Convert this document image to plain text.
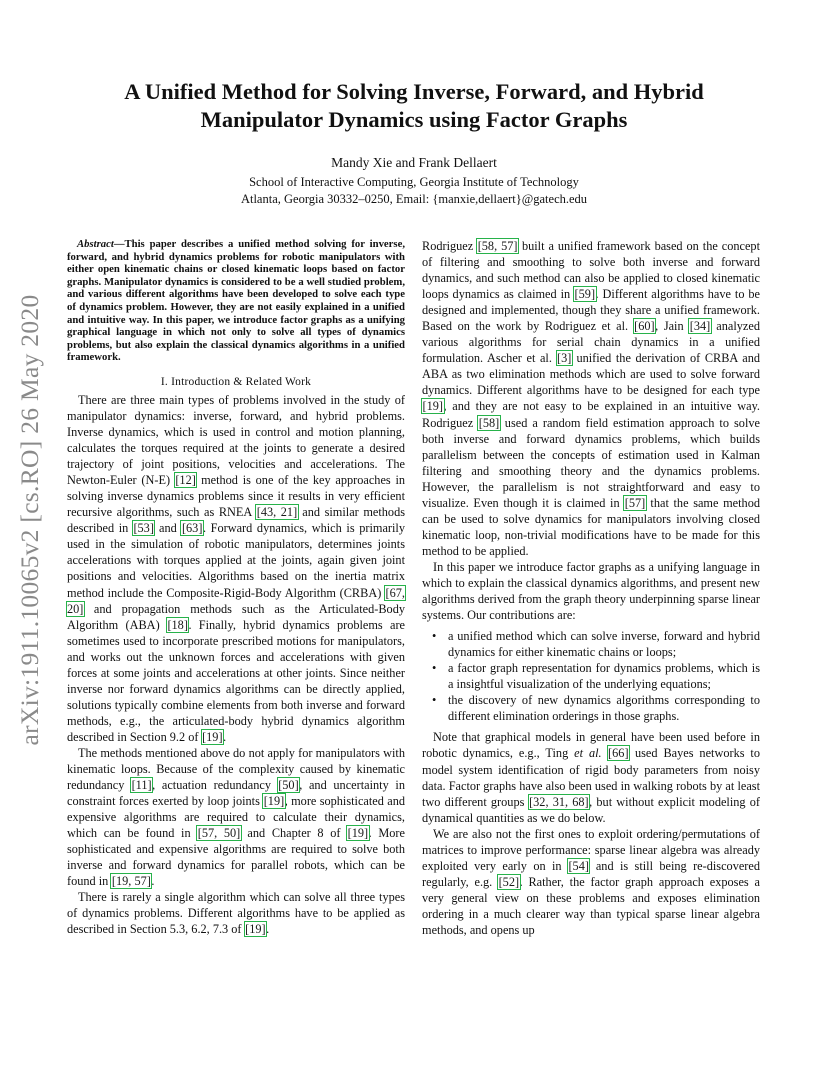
arXiv:1911.10065v2 [cs.RO] 26 May 2020
A Unified Method for Solving Inverse, Forward, and Hybrid
Manipulator Dynamics using Factor Graphs
Mandy Xie and Frank Dellaert
School of Interactive Computing, Georgia Institute of Technology
Atlanta, Georgia 30332–0250, Email: {manxie,dellaert}@gatech.edu
Abstract—This paper describes a unified method solving for inverse, forward, and hybrid dynamics problems for robotic manipulators with either open kinematic chains or closed kinematic loops based on factor graphs. Manipulator dynamics is considered to be a well studied problem, and various different algorithms have been developed to solve each type of dynamics problem. However, they are not easily explained in a unified and intuitive way. In this paper, we introduce factor graphs as a unifying graphical language in which not only to solve all types of dynamics problems, but also explain the classical dynamics algorithms in a unified framework.
I. Introduction & Related Work

There are three main types of problems involved in the study of manipulator dynamics: inverse, forward, and hybrid problems. Inverse dynamics, which is used in control and motion planning, calculates the torques required at the joints to generate a desired trajectory of joint positions, velocities and accelerations. The Newton-Euler (N-E) [12] method is one of the key approaches in solving inverse dynamics problems since it results in very efficient recursive algorithms, such as RNEA [43, 21] and similar methods described in [53] and [63]. Forward dynamics, which is primarily used in the simulation of robotic manipulators, determines joints accelerations with torques applied at the joints, again given joint positions and velocities. Algorithms based on the inertia matrix method include the Composite-Rigid-Body Algorithm (CRBA) [67, 20] and propagation methods such as the Articulated-Body Algorithm (ABA) [18]. Finally, hybrid dynamics problems are sometimes used to incorporate prescribed motions for manipulators, and works out the unknown forces and accelerations with given forces at some joints and accelerations at other joints. Since neither inverse nor forward dynamics algorithms can be directly applied, solutions typically combine elements from both inverse and forward methods, e.g., the articulated-body hybrid dynamics algorithm described in Section 9.2 of [19].

The methods mentioned above do not apply for manipulators with kinematic loops. Because of the complexity caused by kinematic redundancy [11], actuation redundancy [50], and uncertainty in constraint forces exerted by loop joints [19], more sophisticated and expensive algorithms are required to calculate their dynamics, which can be found in [57, 50] and Chapter 8 of [19]. More sophisticated and expensive algorithms are required to solve both inverse and forward dynamics for parallel robots, which can be found in [19, 57].

There is rarely a single algorithm which can solve all three types of dynamics problems. Different algorithms have to be applied as described in Section 5.3, 6.2, 7.3 of [19].

Rodriguez [58, 57] built a unified framework based on the concept of filtering and smoothing to solve both inverse and forward dynamics, and such method can also be applied to closed kinematic loops dynamics as claimed in [59]. Different algorithms have to be designed and implemented, though they share a unified framework. Based on the work by Rodriguez et al. [60], Jain [34] analyzed various algorithms for serial chain dynamics in a unified formulation. Ascher et al. [3] unified the derivation of CRBA and ABA as two elimination methods which are used to solve forward dynamics. Different algorithms have to be designed for each type [19], and they are not easy to be explained in an intuitive way. Rodriguez [58] used a random field estimation approach to solve both inverse and forward dynamics problems, which builds parallelism between the concepts of estimation used in Kalman filtering and smoothing theory and the dynamics problems. However, the parallelism is not straightforward and easy to visualize. Even though it is claimed in [57] that the same method can be used to solve dynamics for manipulators involving closed kinematic loop, non-trivial modifications have to be made for this method to be applied.

In this paper we introduce factor graphs as a unifying language in which to explain the classical dynamics algorithms, and present new algorithms derived from the graph theory underpinning sparse linear systems. Our contributions are:

• a unified method which can solve inverse, forward and hybrid dynamics for either kinematic chains or loops;
• a factor graph representation for dynamics problems, which is a insightful visualization of the underlying equations;
• the discovery of new dynamics algorithms corresponding to different elimination orderings in those graphs.

Note that graphical models in general have been used before in robotic dynamics, e.g., Ting et al. [66] used Bayes networks to model system identification of rigid body parameters from noisy data. Factor graphs have also been used in walking robots by at least two different groups [32, 31, 68], but without explicit modeling of dynamical quantities as we do below.

We are also not the first ones to exploit ordering/permutations of matrices to improve performance: sparse linear algebra was already exploited very early on in [54] and is still being re-discovered regularly, e.g. [52]. Rather, the factor graph approach exposes a very general view on these problems and exposes elimination ordering in a much clearer way than typical sparse linear algebra methods, and opens up
